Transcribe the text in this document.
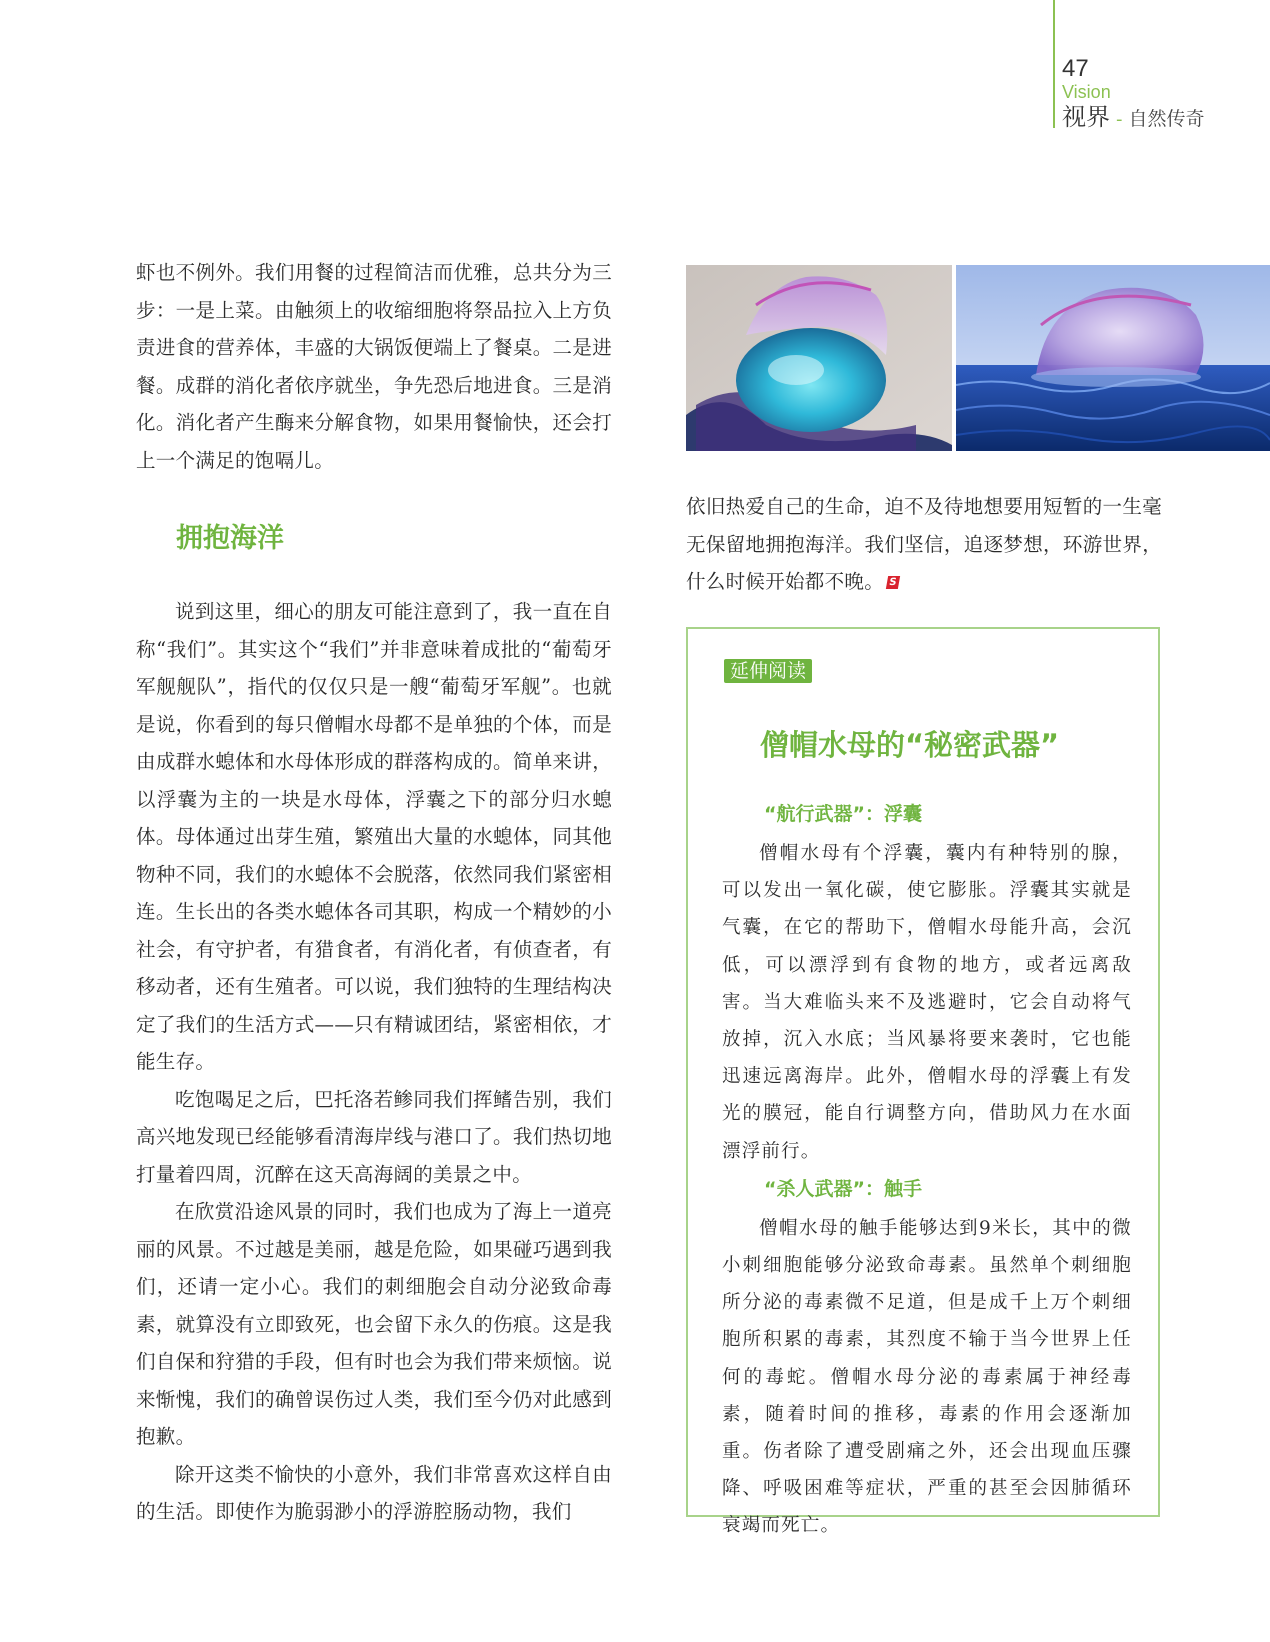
47
Vision
视界 - 自然传奇

虾也不例外。我们用餐的过程简洁而优雅，总共分为三步：一是上菜。由触须上的收缩细胞将祭品拉入上方负责进食的营养体，丰盛的大锅饭便端上了餐桌。二是进餐。成群的消化者依序就坐，争先恐后地进食。三是消化。消化者产生酶来分解食物，如果用餐愉快，还会打上一个满足的饱嗝儿。

拥抱海洋

说到这里，细心的朋友可能注意到了，我一直在自称“我们”。其实这个“我们”并非意味着成批的“葡萄牙军舰舰队”，指代的仅仅只是一艘“葡萄牙军舰”。也就是说，你看到的每只僧帽水母都不是单独的个体，而是由成群水螅体和水母体形成的群落构成的。简单来讲，以浮囊为主的一块是水母体，浮囊之下的部分归水螅体。母体通过出芽生殖，繁殖出大量的水螅体，同其他物种不同，我们的水螅体不会脱落，依然同我们紧密相连。生长出的各类水螅体各司其职，构成一个精妙的小社会，有守护者，有猎食者，有消化者，有侦查者，有移动者，还有生殖者。可以说，我们独特的生理结构决定了我们的生活方式——只有精诚团结，紧密相依，才能生存。

吃饱喝足之后，巴托洛若鲹同我们挥鳍告别，我们高兴地发现已经能够看清海岸线与港口了。我们热切地打量着四周，沉醉在这天高海阔的美景之中。

在欣赏沿途风景的同时，我们也成为了海上一道亮丽的风景。不过越是美丽，越是危险，如果碰巧遇到我们，还请一定小心。我们的刺细胞会自动分泌致命毒素，就算没有立即致死，也会留下永久的伤痕。这是我们自保和狩猎的手段，但有时也会为我们带来烦恼。说来惭愧，我们的确曾误伤过人类，我们至今仍对此感到抱歉。

除开这类不愉快的小意外，我们非常喜欢这样自由的生活。即使作为脆弱渺小的浮游腔肠动物，我们

依旧热爱自己的生命，迫不及待地想要用短暂的一生毫无保留地拥抱海洋。我们坚信，追逐梦想，环游世界，什么时候开始都不晚。 S

延伸阅读
僧帽水母的“秘密武器”
“航行武器”：浮囊

僧帽水母有个浮囊，囊内有种特别的腺，可以发出一氧化碳，使它膨胀。浮囊其实就是气囊，在它的帮助下，僧帽水母能升高，会沉低，可以漂浮到有食物的地方，或者远离敌害。当大难临头来不及逃避时，它会自动将气放掉，沉入水底；当风暴将要来袭时，它也能迅速远离海岸。此外，僧帽水母的浮囊上有发光的膜冠，能自行调整方向，借助风力在水面漂浮前行。

“杀人武器”：触手

僧帽水母的触手能够达到9米长，其中的微小刺细胞能够分泌致命毒素。虽然单个刺细胞所分泌的毒素微不足道，但是成千上万个刺细胞所积累的毒素，其烈度不输于当今世界上任何的毒蛇。僧帽水母分泌的毒素属于神经毒素，随着时间的推移，毒素的作用会逐渐加重。伤者除了遭受剧痛之外，还会出现血压骤降、呼吸困难等症状，严重的甚至会因肺循环衰竭而死亡。
